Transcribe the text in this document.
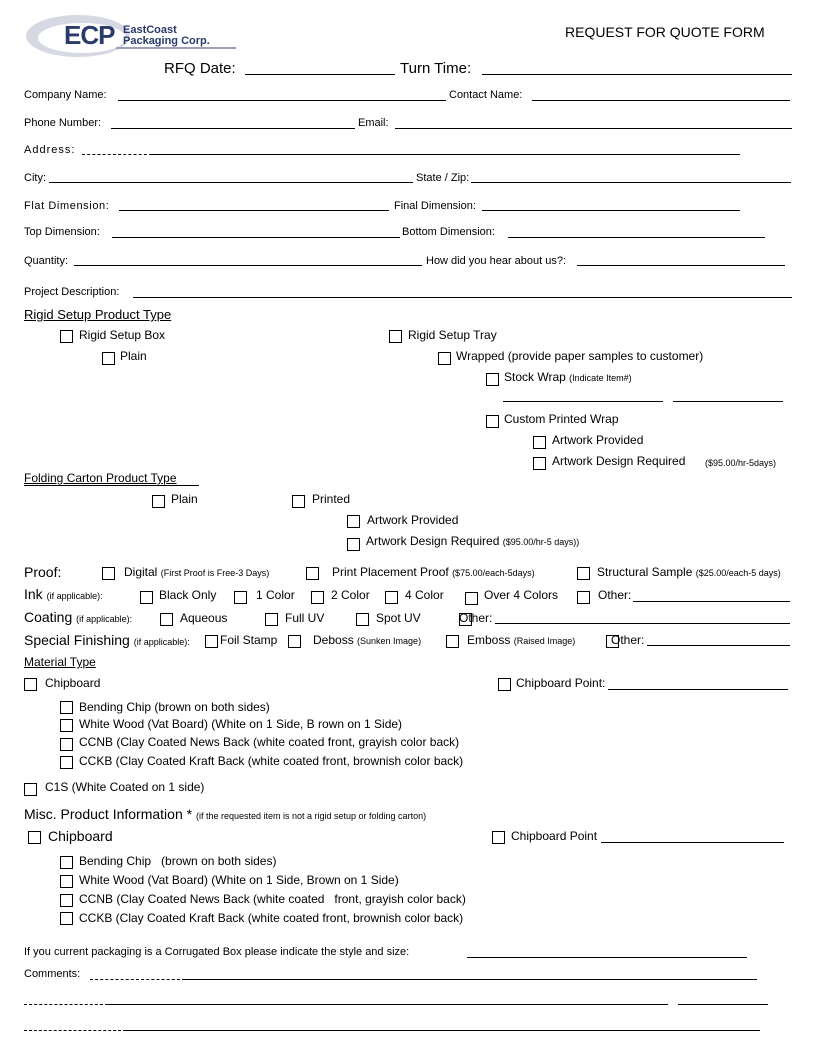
ECP EastCoast
Packaging Corp.
REQUEST FOR QUOTE FORM
RFQ Date:	Turn Time:
Company Name:	Contact Name:
Phone Number:	Email:
Address:
City:	State / Zip:
Flat Dimension:	Final Dimension:
Top Dimension:	Bottom Dimension:
Quantity:	How did you hear about us?:
Project Description:
Rigid Setup Product Type
Rigid Setup Box	Rigid Setup Tray
Plain	Wrapped (provide paper samples to customer)
Stock Wrap (Indicate Item#)
Custom Printed Wrap
Artwork Provided
Artwork Design Required ($95.00/hr-5days)
Folding Carton Product Type
Plain	Printed
Artwork Provided
Artwork Design Required ($95.00/hr-5 days))
Proof:	Digital (First Proof is Free-3 Days)	Print Placement Proof ($75.00/each-5days)	Structural Sample ($25.00/each-5 days)
Ink (if applicable):	Black Only	1 Color	2 Color	4 Color	Over 4 Colors	Other:
Coating (if applicable):	Aqueous	Full UV	Spot UV	Other:
Special Finishing (if applicable):	Foil Stamp	Deboss (Sunken Image)	Emboss (Raised Image)	Other:
Material Type
Chipboard	Chipboard Point:
Bending Chip (brown on both sides)
White Wood (Vat Board) (White on 1 Side, B rown on 1 Side)
CCNB (Clay Coated News Back (white coated front, grayish color back)
CCKB (Clay Coated Kraft Back (white coated front, brownish color back)
C1S (White Coated on 1 side)
Misc. Product Information * (if the requested item is not a rigid setup or folding carton)
Chipboard	Chipboard Point
Bending Chip   (brown on both sides)
White Wood (Vat Board) (White on 1 Side, Brown on 1 Side)
CCNB (Clay Coated News Back (white coated   front, grayish color back)
CCKB (Clay Coated Kraft Back (white coated front, brownish color back)
If you current packaging is a Corrugated Box please indicate the style and size:
Comments:
